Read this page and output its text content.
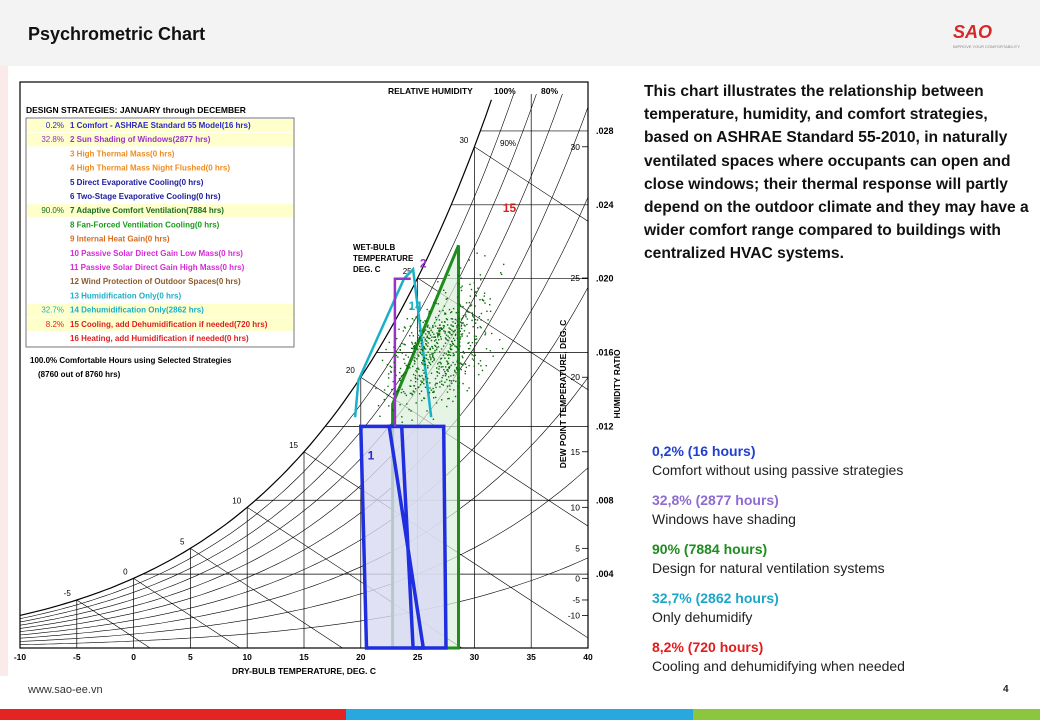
Psychrometric Chart	SAO
IMPROVE YOUR COMFORTABILITY
.004
.008
.012
.016
.020
.024
.028
-10	-5	0	5	10	15	20	25	30	35	40
-5
0
5
10
15
20
25
30
1
2
14
15
RELATIVE HUMIDITY 100%	80%
90%
WET-BULB
TEMPERATURE
DEG. C
-10
-5
0
5
10
15
20
25
30
DRY-BULB TEMPERATURE, DEG. C
HUMIDITY RATIO
DEW POINT TEMPERATURE, DEG. C
DESIGN STRATEGIES: JANUARY through DECEMBER
0.2% 1 Comfort - ASHRAE Standard 55 Model(16 hrs)
32.8% 2 Sun Shading of Windows(2877 hrs)
3 High Thermal Mass(0 hrs)
4 High Thermal Mass Night Flushed(0 hrs)
5 Direct Evaporative Cooling(0 hrs)
6 Two-Stage Evaporative Cooling(0 hrs)
90.0% 7 Adaptive Comfort Ventilation(7884 hrs)
8 Fan-Forced Ventilation Cooling(0 hrs)
9 Internal Heat Gain(0 hrs)
10 Passive Solar Direct Gain Low Mass(0 hrs)
11 Passive Solar Direct Gain High Mass(0 hrs)
12 Wind Protection of Outdoor Spaces(0 hrs)
13 Humidification Only(0 hrs)
32.7% 14 Dehumidification Only(2862 hrs)
8.2% 15 Cooling, add Dehumidification if needed(720 hrs)
16 Heating, add Humidification if needed(0 hrs)
100.0% Comfortable Hours using Selected Strategies
(8760 out of 8760 hrs)
This chart illustrates the relationship between temperature, humidity, and comfort strategies, based on ASHRAE Standard 55-2010, in naturally ventilated spaces where occupants can open and close windows; their thermal response will partly depend on the outdoor climate and they may have a wider comfort range compared to buildings with centralized HVAC systems.
0,2% (16 hours)
Comfort without using passive strategies
32,8% (2877 hours)
Windows have shading
90% (7884 hours)
Design for natural ventilation systems
32,7% (2862 hours)
Only dehumidify
8,2% (720 hours)
Cooling and dehumidifying when needed
www.sao-ee.vn	4
